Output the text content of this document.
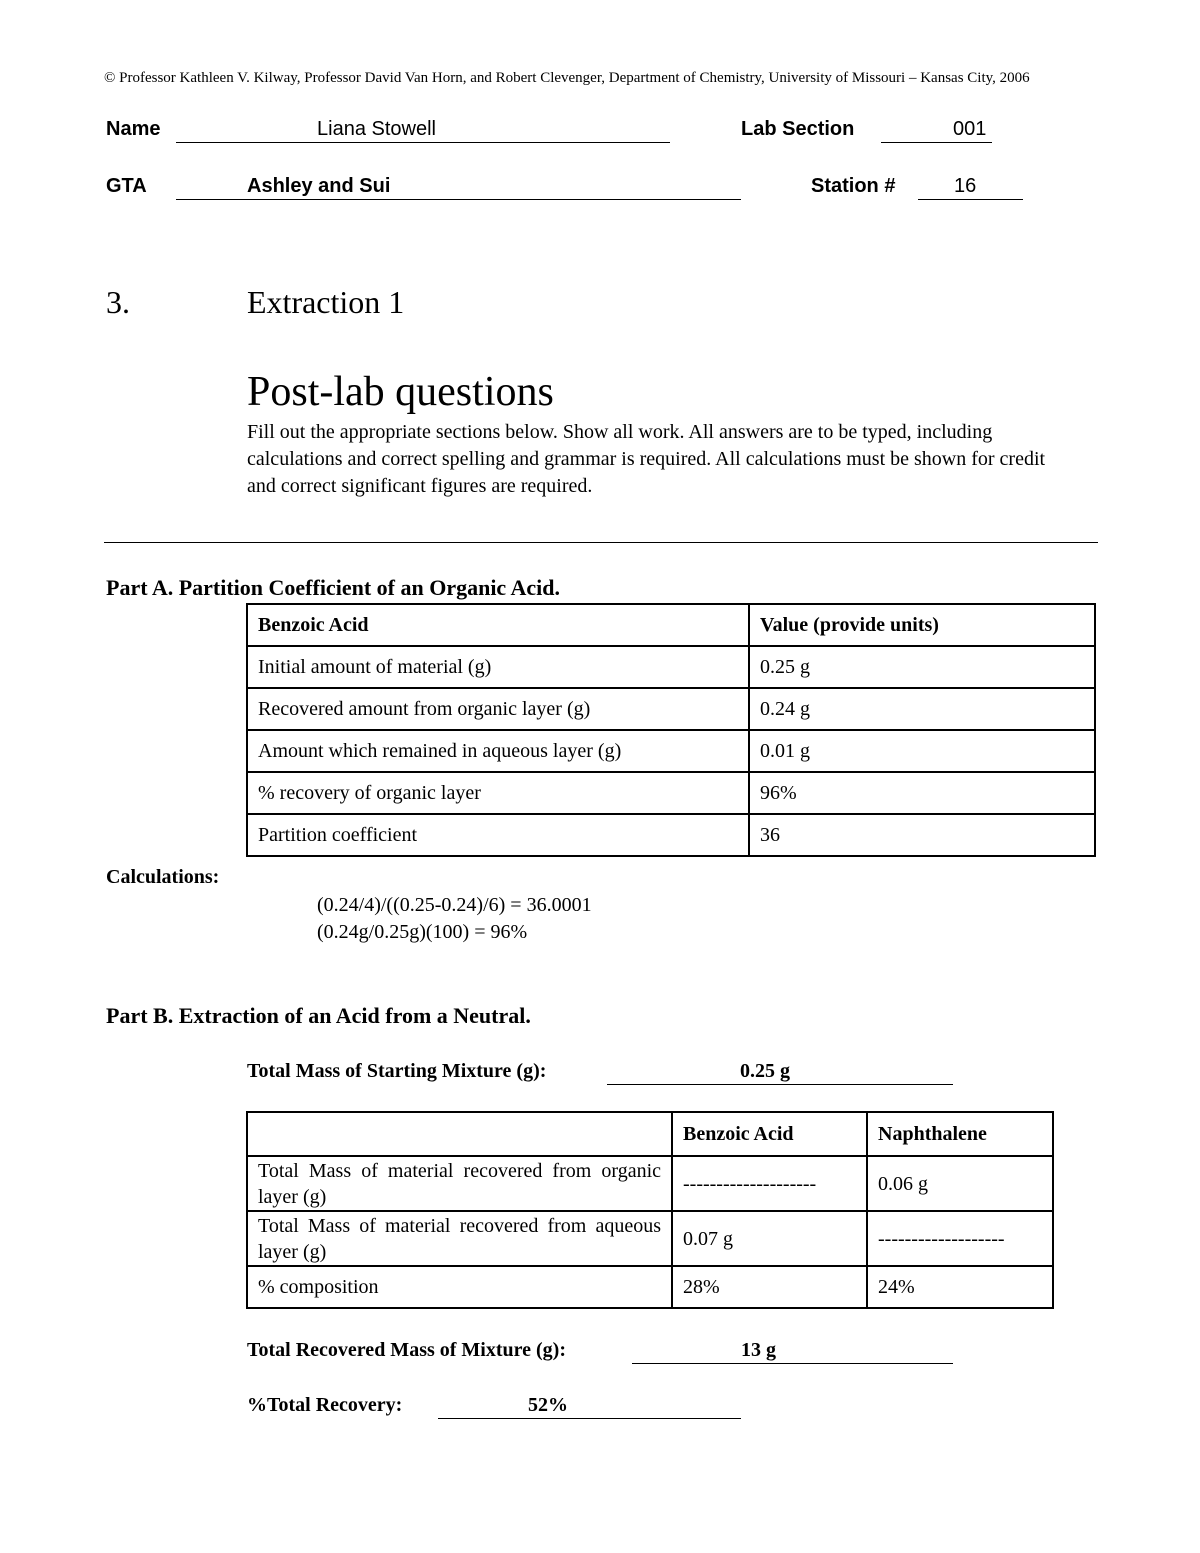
© Professor Kathleen V. Kilway, Professor David Van Horn, and Robert Clevenger, Department of Chemistry, University of Missouri – Kansas City, 2006
Name	Liana Stowell	Lab Section	001
GTA	Ashley and Sui	Station #	16
3.	Extraction 1
Post-lab questions
Fill out the appropriate sections below. Show all work. All answers are to be typed, including calculations and correct spelling and grammar is required. All calculations must be shown for credit and correct significant figures are required.
Part A. Partition Coefficient of an Organic Acid.
Benzoic Acid	Value (provide units)
Initial amount of material (g)	0.25 g
Recovered amount from organic layer (g)	0.24 g
Amount which remained in aqueous layer (g)	0.01 g
% recovery of organic layer	96%
Partition coefficient	36
Calculations:
(0.24/4)/((0.25-0.24)/6) = 36.0001
(0.24g/0.25g)(100) = 96%
Part B. Extraction of an Acid from a Neutral.
Total Mass of Starting Mixture (g):	0.25 g
	Benzoic Acid	Naphthalene
Total Mass of material recovered from organic layer (g)	--------------------	0.06 g
Total Mass of material recovered from aqueous layer (g)	0.07 g	-------------------
% composition	28%	24%
Total Recovered Mass of Mixture (g):	13 g
%Total Recovery:	52%
